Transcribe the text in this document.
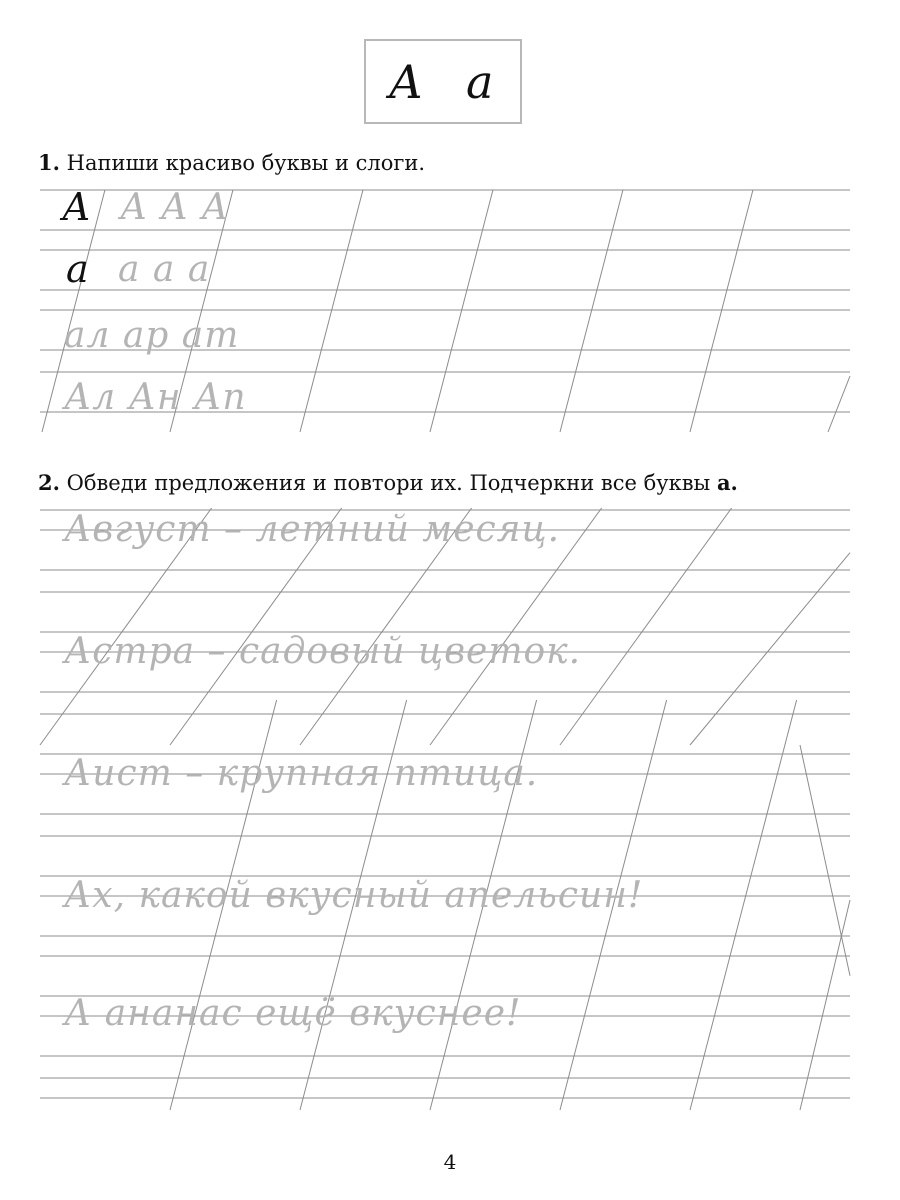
А а
1. Напиши красиво буквы и слоги.
2. Обведи предложения и повтори их. Подчеркни все буквы а.
А А А А
а а а а
ал ар ат
Ал Ан Ап
Август – летний месяц.
Астра – садовый цветок.
Аист – крупная птица.
Ах, какой вкусный апельсин!
А ананас ещё вкуснее!
4
